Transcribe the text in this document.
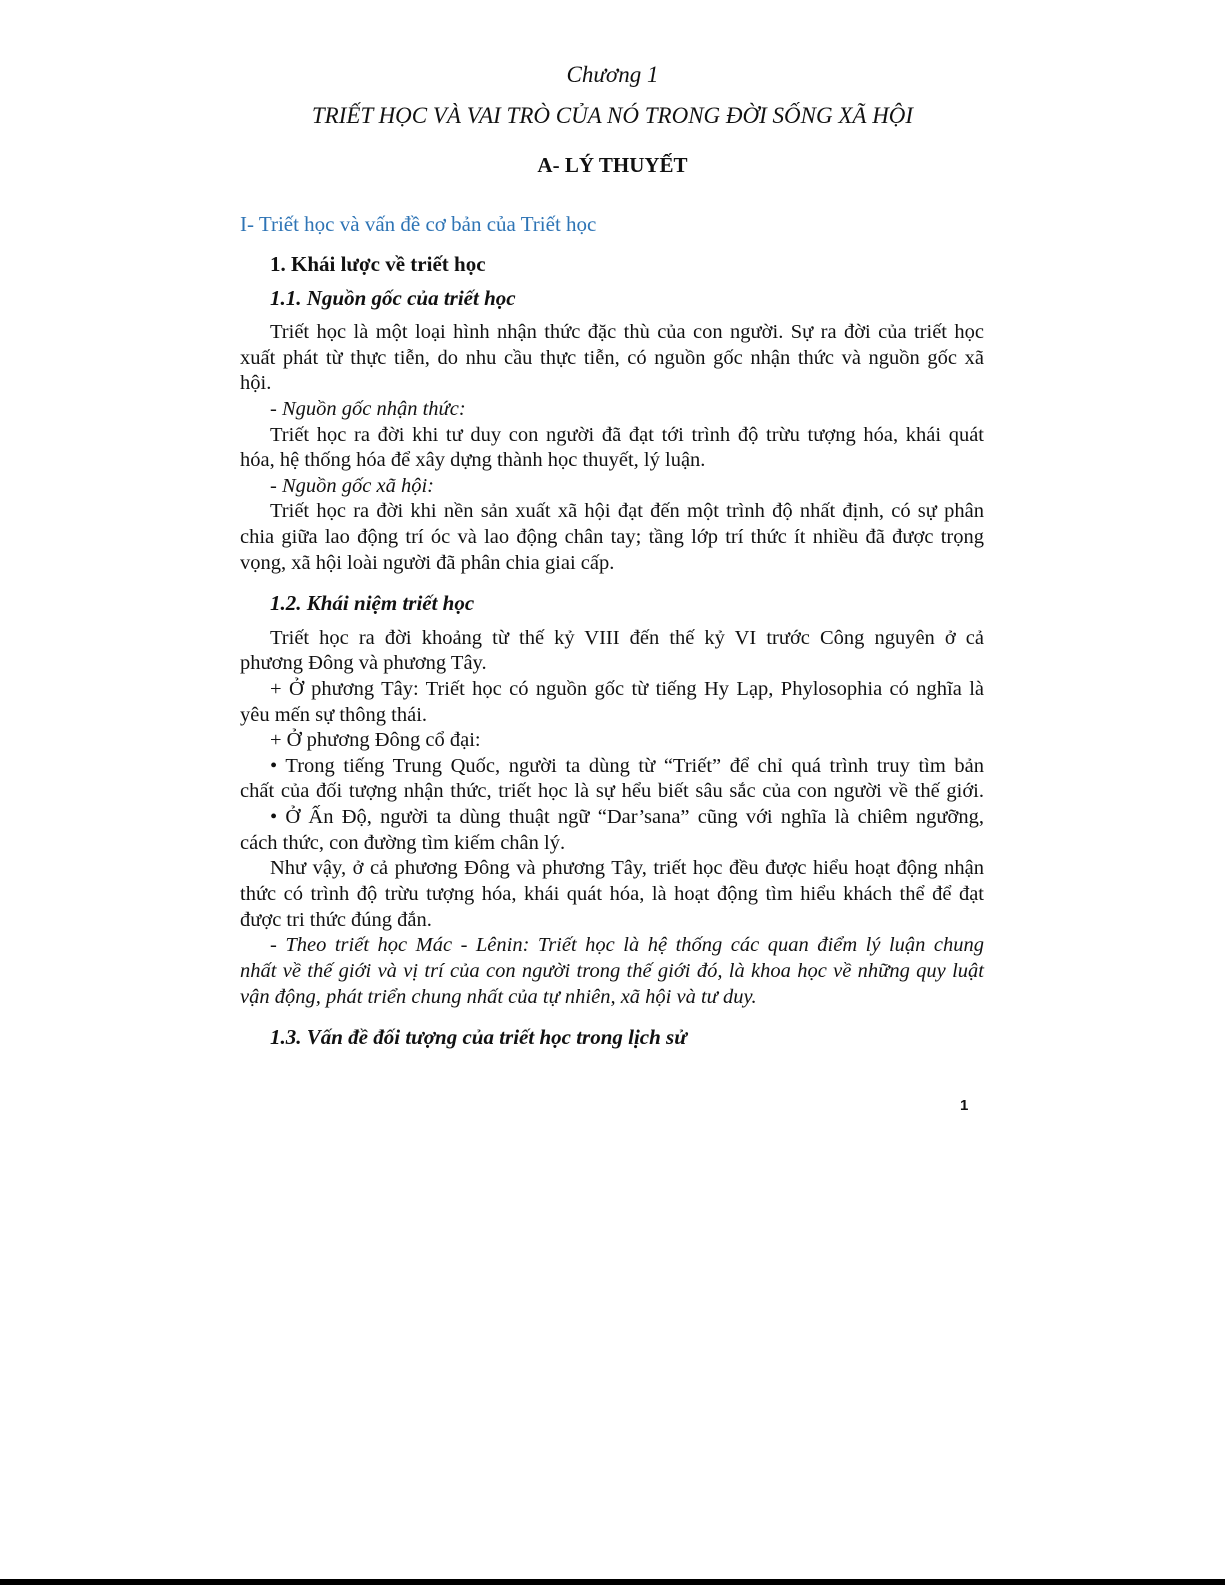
Chương 1
TRIẾT HỌC VÀ VAI TRÒ CỦA NÓ TRONG ĐỜI SỐNG XÃ HỘI
A- LÝ THUYẾT
I- Triết học và vấn đề cơ bản của Triết học
1. Khái lược về triết học
1.1. Nguồn gốc của triết học
Triết học là một loại hình nhận thức đặc thù của con người. Sự ra đời của triết học
xuất phát từ thực tiễn, do nhu cầu thực tiễn, có nguồn gốc nhận thức và nguồn gốc xã
hội.
- Nguồn gốc nhận thức:
Triết học ra đời khi tư duy con người đã đạt tới trình độ trừu tượng hóa, khái quát
hóa, hệ thống hóa để xây dựng thành học thuyết, lý luận.
- Nguồn gốc xã hội:
Triết học ra đời khi nền sản xuất xã hội đạt đến một trình độ nhất định, có sự phân
chia giữa lao động trí óc và lao động chân tay; tầng lớp trí thức ít nhiều đã được trọng
vọng, xã hội loài người đã phân chia giai cấp.
1.2. Khái niệm triết học
Triết học ra đời khoảng từ thế kỷ VIII đến thế kỷ VI trước Công nguyên ở cả
phương Đông và phương Tây.
+ Ở phương Tây: Triết học có nguồn gốc từ tiếng Hy Lạp, Phylosophia có nghĩa là
yêu mến sự thông thái.
+ Ở phương Đông cổ đại:
• Trong tiếng Trung Quốc, người ta dùng từ “Triết” để chỉ quá trình truy tìm bản
chất của đối tượng nhận thức, triết học là sự hểu biết sâu sắc của con người về thế giới.
• Ở Ấn Độ, người ta dùng thuật ngữ “Dar’sana” cũng với nghĩa là chiêm ngưỡng,
cách thức, con đường tìm kiếm chân lý.
Như vậy, ở cả phương Đông và phương Tây, triết học đều được hiểu hoạt động nhận
thức có trình độ trừu tượng hóa, khái quát hóa, là hoạt động tìm hiểu khách thể để đạt
được tri thức đúng đắn.
- Theo triết học Mác - Lênin: Triết học là hệ thống các quan điểm lý luận chung
nhất về thế giới và vị trí của con người trong thế giới đó, là khoa học về những quy luật
vận động, phát triển chung nhất của tự nhiên, xã hội và tư duy.
1.3. Vấn đề đối tượng của triết học trong lịch sử
1
